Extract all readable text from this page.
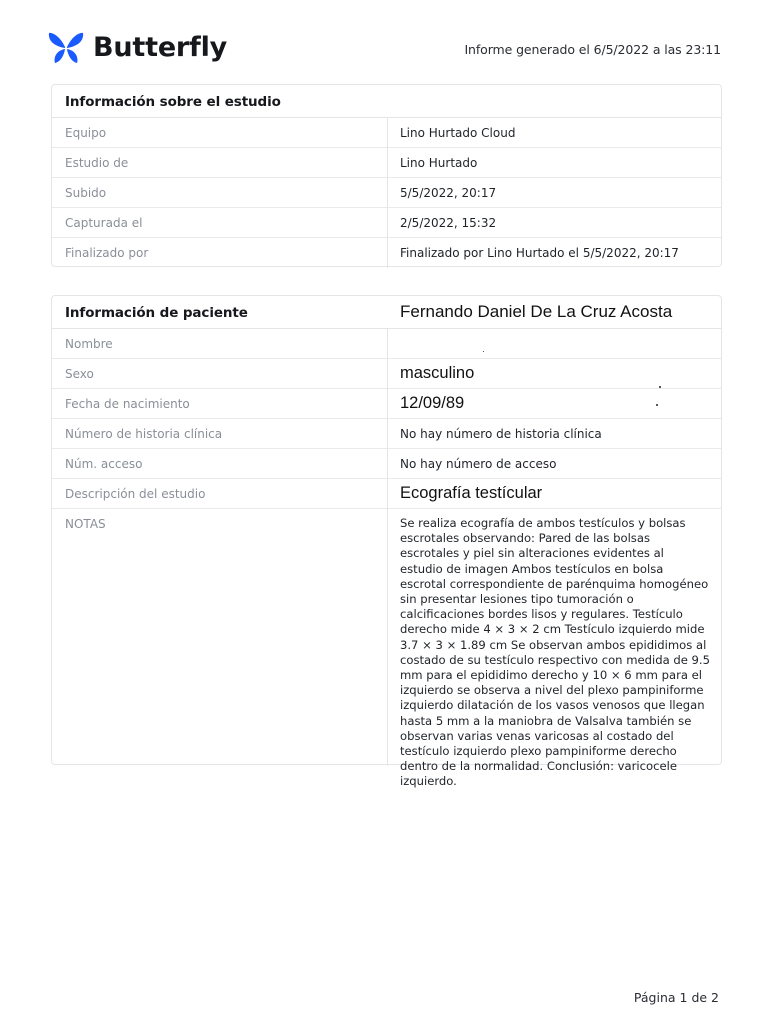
Butterfly	Informe generado el 6/5/2022 a las 23:11
Información sobre el estudio
Equipo	Lino Hurtado Cloud
Estudio de	Lino Hurtado
Subido	5/5/2022, 20:17
Capturada el	2/5/2022, 15:32
Finalizado por	Finalizado por Lino Hurtado el 5/5/2022, 20:17
Información de paciente	Fernando Daniel De La Cruz Acosta
Nombre
Sexo	masculino
Fecha de nacimiento	12/09/89
Número de historia clínica	No hay número de historia clínica
Núm. acceso	No hay número de acceso
Descripción del estudio	Ecografía testícular
NOTAS	Se realiza ecografía de ambos testículos y bolsas escrotales observando: Pared de las bolsas escrotales y piel sin alteraciones evidentes al estudio de imagen Ambos testículos en bolsa escrotal correspondiente de parénquima homogéneo sin presentar lesiones tipo tumoración o calcificaciones bordes lisos y regulares. Testículo derecho mide 4 × 3 × 2 cm Testículo izquierdo mide 3.7 × 3 × 1.89 cm Se observan ambos epididimos al costado de su testículo respectivo con medida de 9.5 mm para el epididimo derecho y 10 × 6 mm para el izquierdo se observa a nivel del plexo pampiniforme izquierdo dilatación de los vasos venosos que llegan hasta 5 mm a la maniobra de Valsalva también se observan varias venas varicosas al costado del testículo izquierdo plexo pampiniforme derecho dentro de la normalidad. Conclusión: varicocele izquierdo.
Página 1 de 2
